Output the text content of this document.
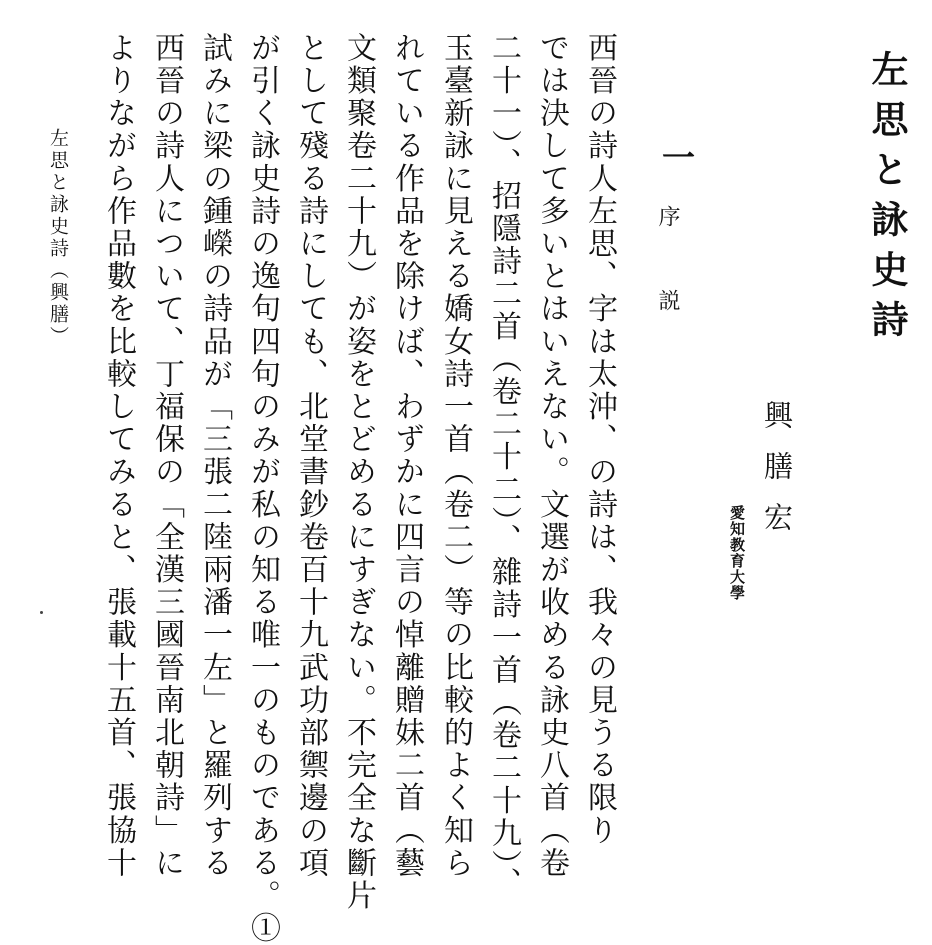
左思と詠史詩
興膳宏
愛知教育大學
一
序説

西晉の詩人左思、字は太沖、の詩は、我々の見うる限り

では決して多いとはいえない。文選が收める詠史八首（卷

二十一）、招隱詩二首（卷二十二）、雜詩一首（卷二十九）、

玉臺新詠に見える嬌女詩一首（卷二）等の比較的よく知ら

れている作品を除けば、わずかに四言の悼離贈妹二首（藝

文類聚卷二十九）が姿をとどめるにすぎない。不完全な斷片

として殘る詩にしても、北堂書鈔卷百十九武功部禦邊の項

が引く詠史詩の逸句四句のみが私の知る唯一のものである。①

試みに梁の鍾嶸の詩品が「三張二陸兩潘一左」と羅列する

西晉の詩人について、丁福保の「全漢三國晉南北朝詩」に

よりながら作品數を比較してみると、張載十五首、張協十

左思と詠史詩（興膳）
